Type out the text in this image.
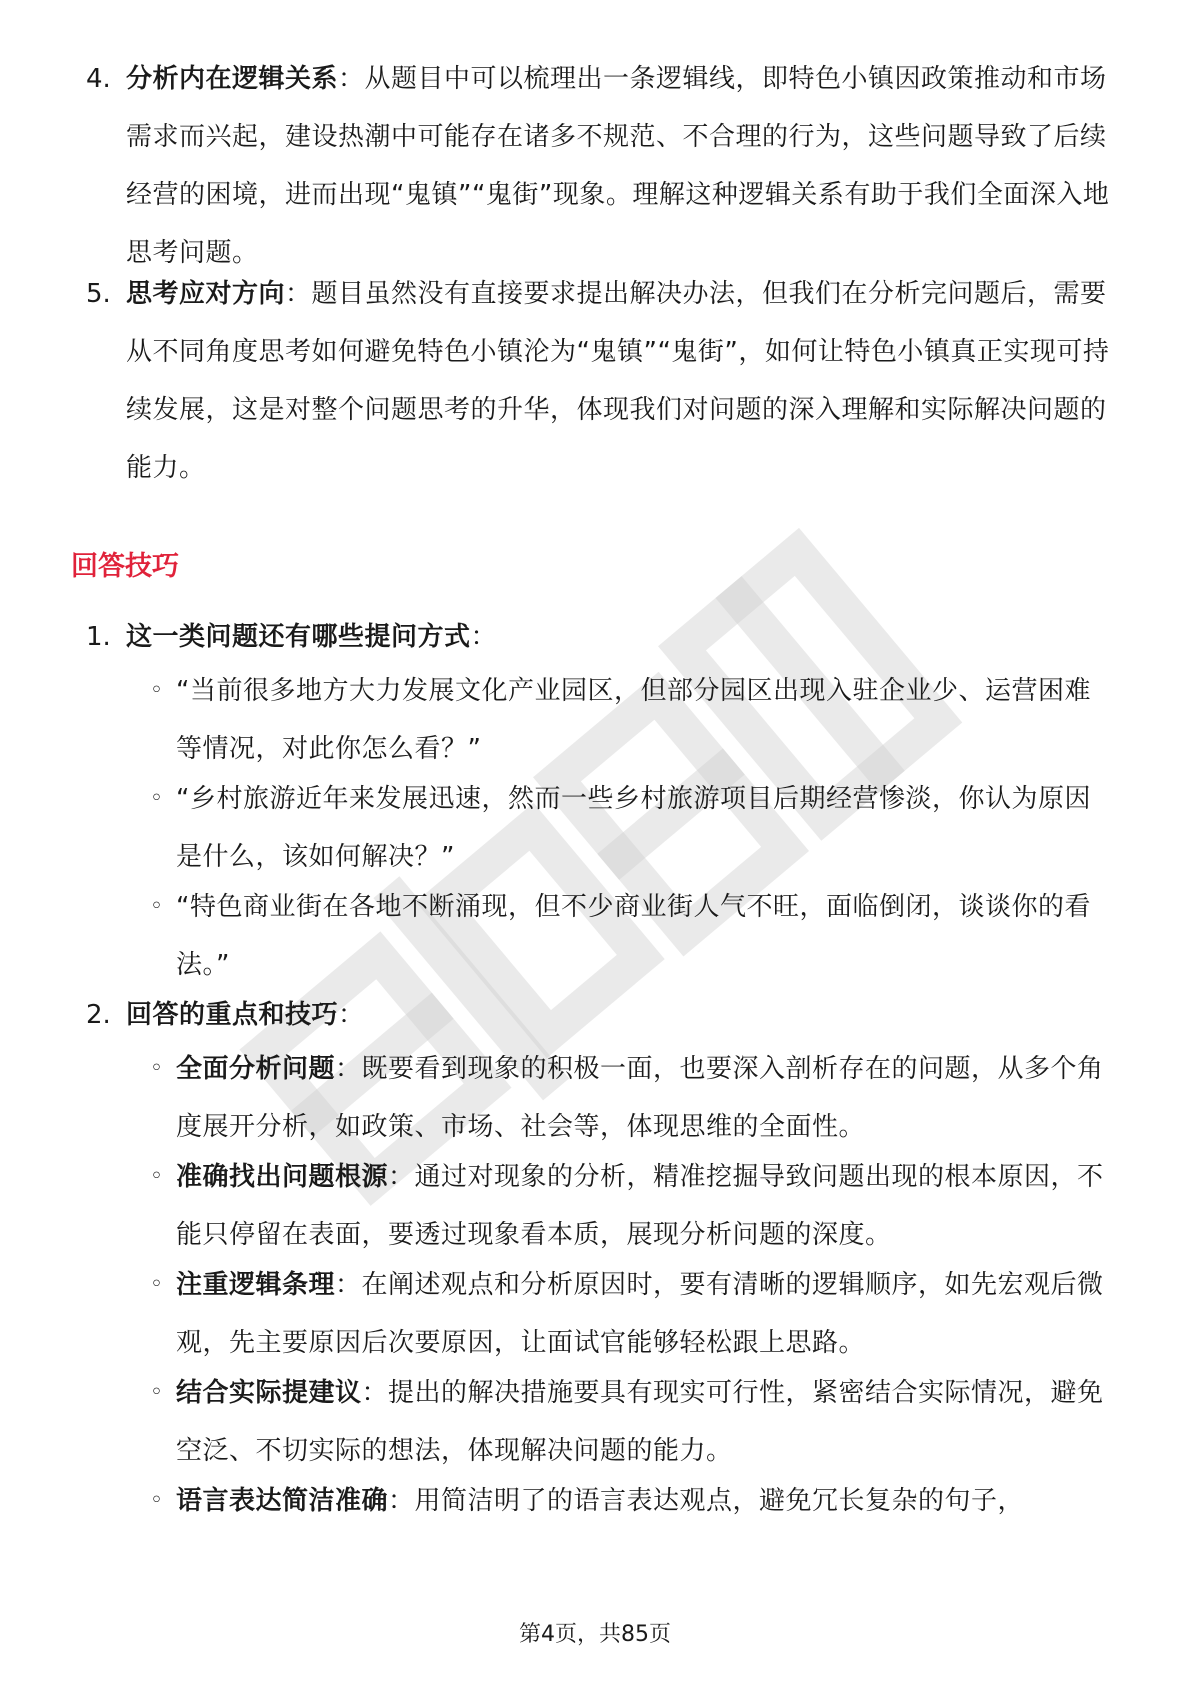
4. 分析内在逻辑关系：从题目中可以梳理出一条逻辑线，即特色小镇因政策推动和市场需求而兴起，建设热潮中可能存在诸多不规范、不合理的行为，这些问题导致了后续经营的困境，进而出现“鬼镇”“鬼街”现象。理解这种逻辑关系有助于我们全面深入地思考问题。
5. 思考应对方向：题目虽然没有直接要求提出解决办法，但我们在分析完问题后，需要从不同角度思考如何避免特色小镇沦为“鬼镇”“鬼街”，如何让特色小镇真正实现可持续发展，这是对整个问题思考的升华，体现我们对问题的深入理解和实际解决问题的能力。
回答技巧
1. 这一类问题还有哪些提问方式：
◦ “当前很多地方大力发展文化产业园区，但部分园区出现入驻企业少、运营困难等情况，对此你怎么看？”
◦ “乡村旅游近年来发展迅速，然而一些乡村旅游项目后期经营惨淡，你认为原因是什么，该如何解决？”
◦ “特色商业街在各地不断涌现，但不少商业街人气不旺，面临倒闭，谈谈你的看法。”
2. 回答的重点和技巧：
◦ 全面分析问题：既要看到现象的积极一面，也要深入剖析存在的问题，从多个角度展开分析，如政策、市场、社会等，体现思维的全面性。
◦ 准确找出问题根源：通过对现象的分析，精准挖掘导致问题出现的根本原因，不能只停留在表面，要透过现象看本质，展现分析问题的深度。
◦ 注重逻辑条理：在阐述观点和分析原因时，要有清晰的逻辑顺序，如先宏观后微观，先主要原因后次要原因，让面试官能够轻松跟上思路。
◦ 结合实际提建议：提出的解决措施要具有现实可行性，紧密结合实际情况，避免空泛、不切实际的想法，体现解决问题的能力。
◦ 语言表达简洁准确：用简洁明了的语言表达观点，避免冗长复杂的句子，
第4页，共85页
